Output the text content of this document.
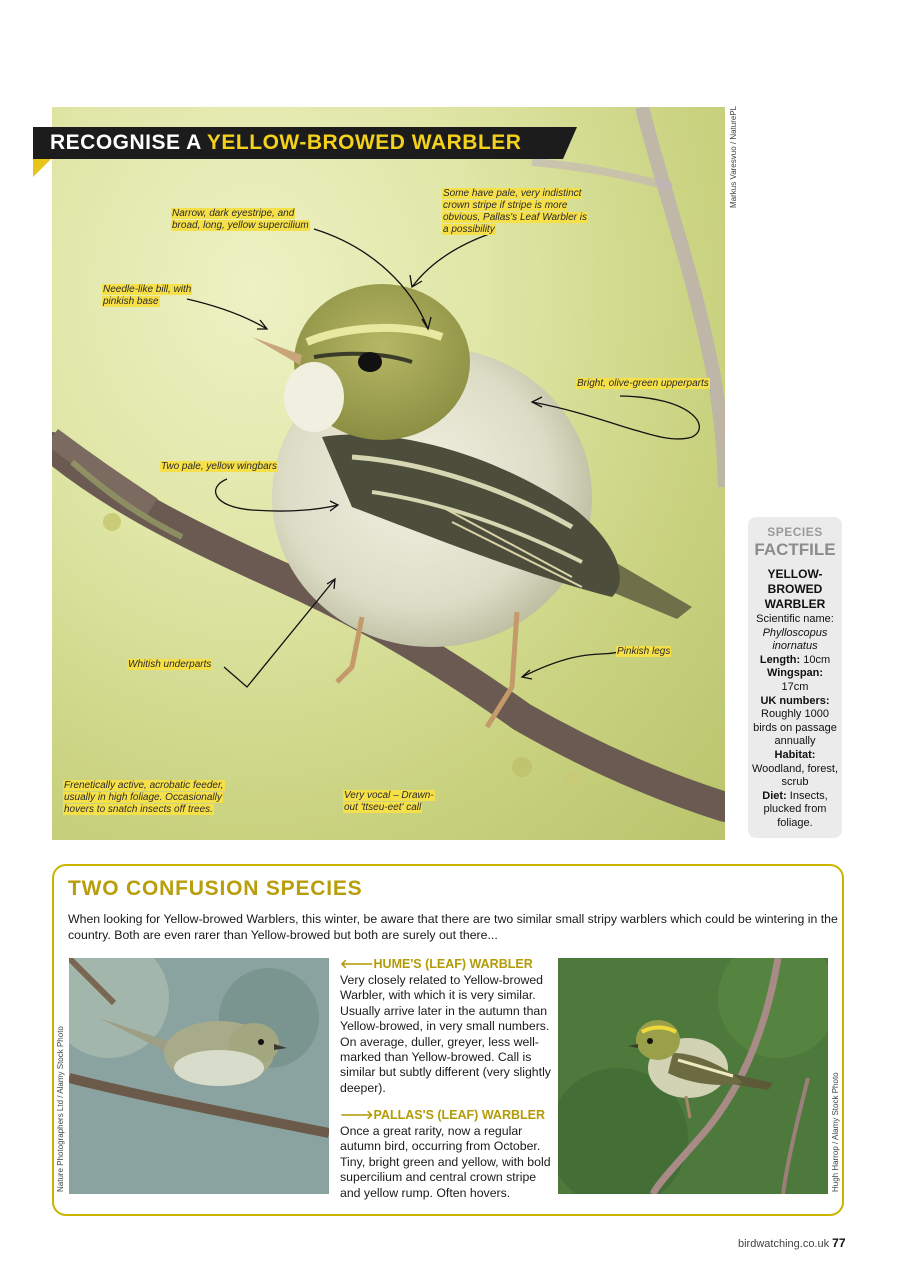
Markus Varesvuo / NaturePL
RECOGNISE A YELLOW-BROWED WARBLER
Narrow, dark eyestripe, and broad, long, yellow supercilium
Some have pale, very indistinct crown stripe if stripe is more obvious, Pallas's Leaf Warbler is a possibility
Needle-like bill, with pinkish base
Bright, olive-green upperparts
Two pale, yellow wingbars
Pinkish legs
Whitish underparts
Frenetically active, acrobatic feeder, usually in high foliage. Occasionally hovers to snatch insects off trees.
Very vocal – Drawn-out 'ttseu-eet' call
SPECIES
FACTFILE
YELLOW-BROWED WARBLER
Scientific name:
Phylloscopus inornatus
Length: 10cm
Wingspan:
17cm
UK numbers:
Roughly 1000 birds on passage annually
Habitat:
Woodland, forest, scrub
Diet: Insects, plucked from foliage.
TWO CONFUSION SPECIES
When looking for Yellow-browed Warblers, this winter, be aware that there are two similar small stripy warblers which could be wintering in the country. Both are even rarer than Yellow-browed but both are surely out there...
Nature Photographers Ltd / Alamy Stock Photo
🡐HUME'S (LEAF) WARBLER
Very closely related to Yellow-browed Warbler, with which it is very similar. Usually arrive later in the autumn than Yellow-browed, in very small numbers. On average, duller, greyer, less well-marked than Yellow-browed. Call is similar but subtly different (very slightly deeper).
🡒PALLAS'S (LEAF) WARBLER
Once a great rarity, now a regular autumn bird, occurring from October. Tiny, bright green and yellow, with bold supercilium and central crown stripe and yellow rump. Often hovers.
Hugh Harrop / Alamy Stock Photo
birdwatching.co.uk 77
